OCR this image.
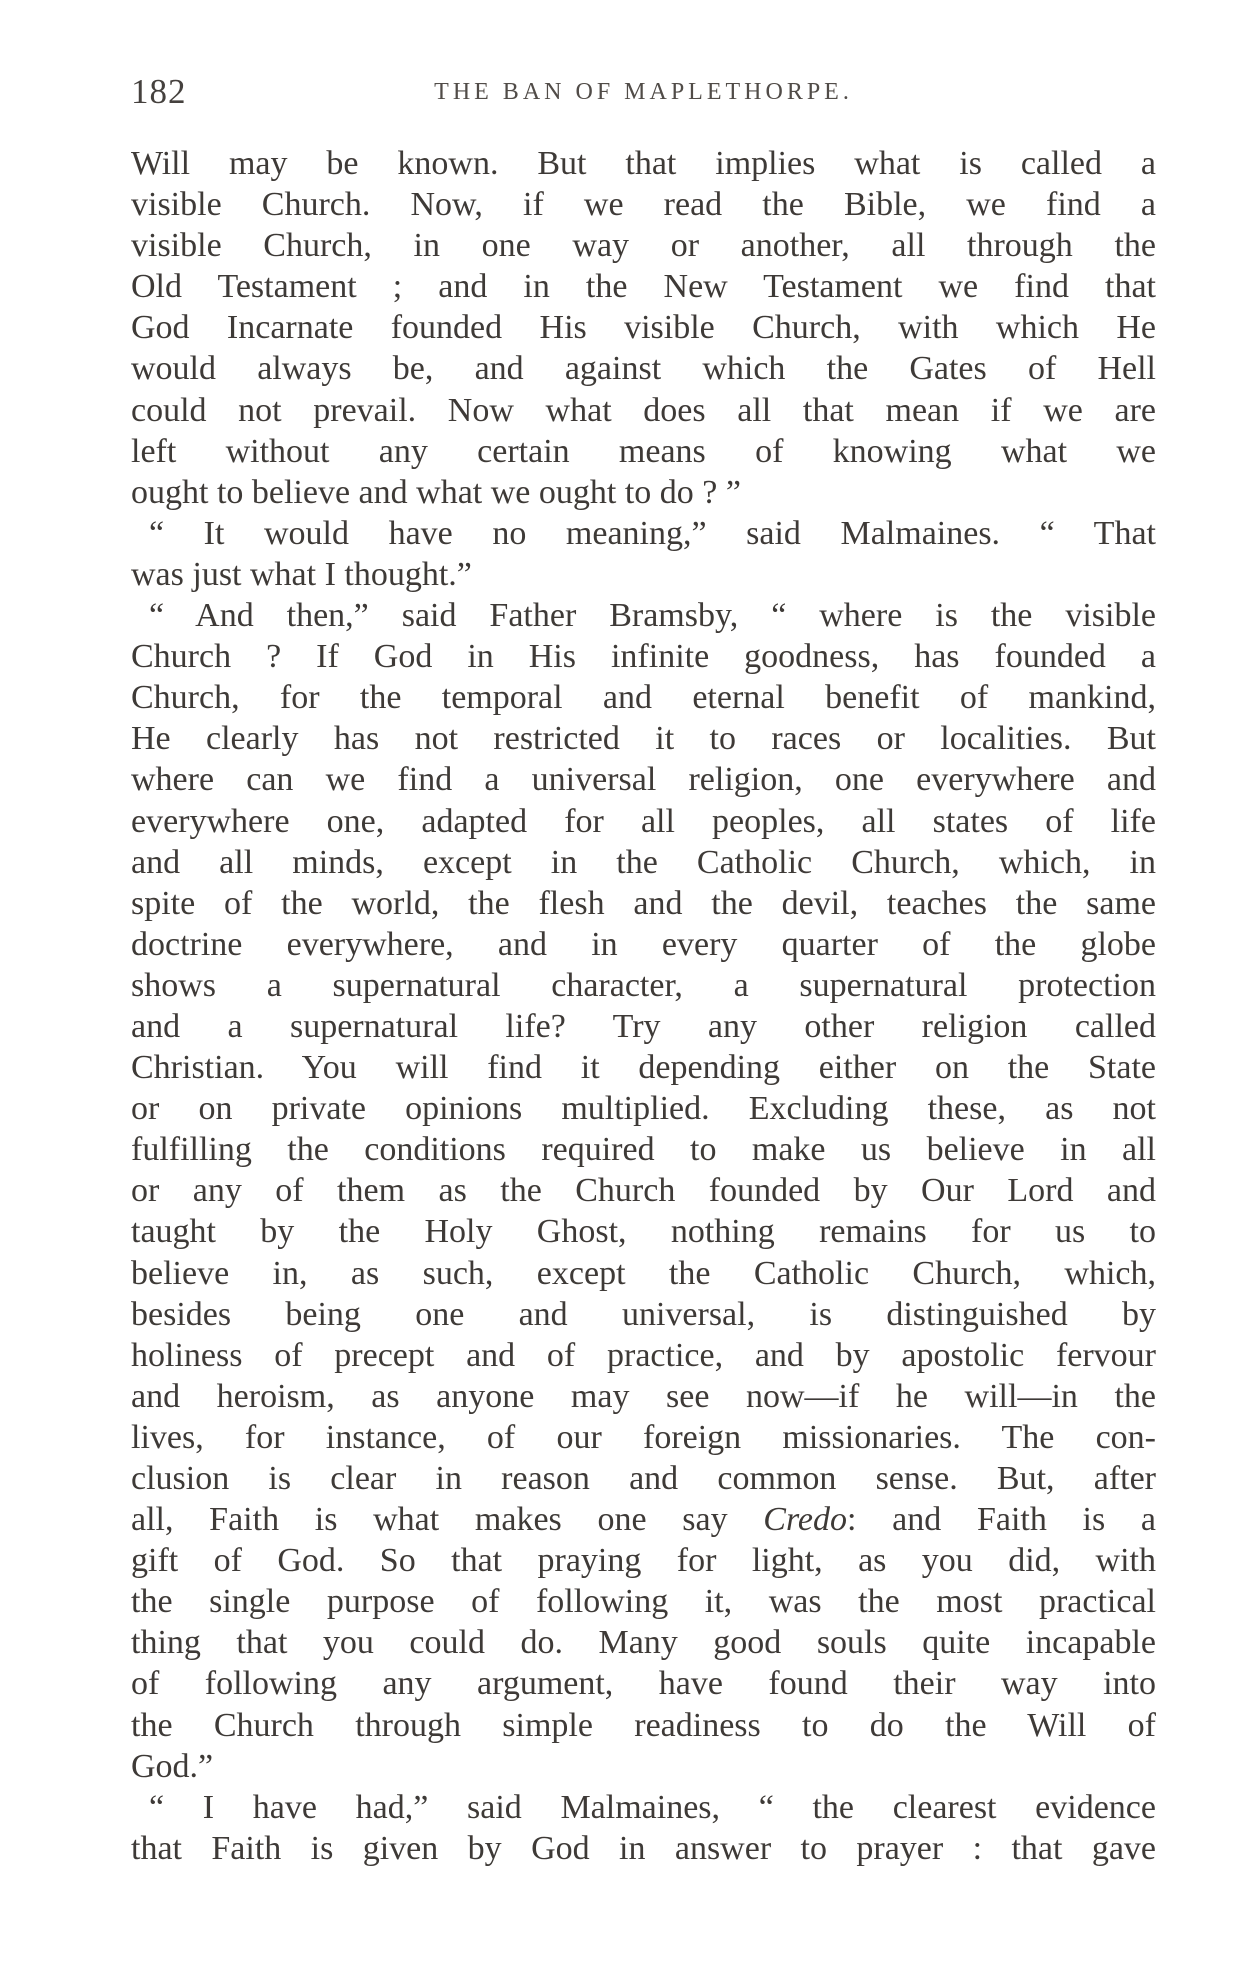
182	THE BAN OF MAPLETHORPE.
Will may be known. But that implies what is called a
visible Church. Now, if we read the Bible, we find a
visible Church, in one way or another, all through the
Old Testament ; and in the New Testament we find that
God Incarnate founded His visible Church, with which He
would always be, and against which the Gates of Hell
could not prevail. Now what does all that mean if we are
left without any certain means of knowing what we
ought to believe and what we ought to do ? ”
“ It would have no meaning,” said Malmaines. “ That
was just what I thought.”
“ And then,” said Father Bramsby, “ where is the visible
Church ? If God in His infinite goodness, has founded a
Church, for the temporal and eternal benefit of mankind,
He clearly has not restricted it to races or localities. But
where can we find a universal religion, one everywhere and
everywhere one, adapted for all peoples, all states of life
and all minds, except in the Catholic Church, which, in
spite of the world, the flesh and the devil, teaches the same
doctrine everywhere, and in every quarter of the globe
shows a supernatural character, a supernatural protection
and a supernatural life? Try any other religion called
Christian. You will find it depending either on the State
or on private opinions multiplied. Excluding these, as not
fulfilling the conditions required to make us believe in all
or any of them as the Church founded by Our Lord and
taught by the Holy Ghost, nothing remains for us to
believe in, as such, except the Catholic Church, which,
besides being one and universal, is distinguished by
holiness of precept and of practice, and by apostolic fervour
and heroism, as anyone may see now—if he will—in the
lives, for instance, of our foreign missionaries. The con-
clusion is clear in reason and common sense. But, after
all, Faith is what makes one say Credo: and Faith is a
gift of God. So that praying for light, as you did, with
the single purpose of following it, was the most practical
thing that you could do. Many good souls quite incapable
of following any argument, have found their way into
the Church through simple readiness to do the Will of
God.”
“ I have had,” said Malmaines, “ the clearest evidence
that Faith is given by God in answer to prayer : that gave
